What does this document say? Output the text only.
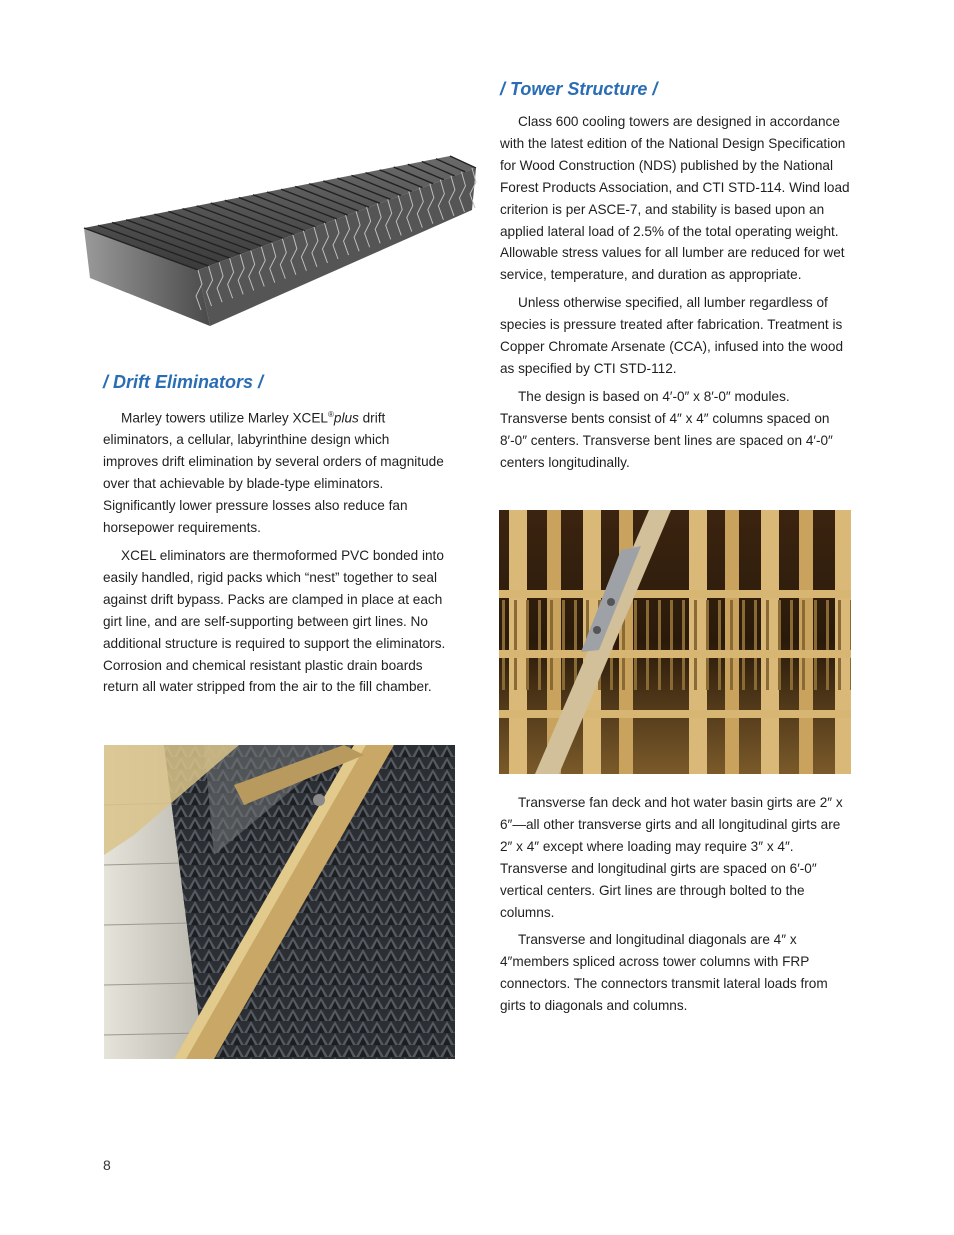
/ Drift Eliminators /

Marley towers utilize Marley XCEL®plus drift eliminators, a cellular, labyrinthine design which improves drift elimination by several orders of magnitude over that achievable by blade-type eliminators. Significantly lower pressure losses also reduce fan horsepower requirements.

XCEL eliminators are thermoformed PVC bonded into easily handled, rigid packs which “nest” together to seal against drift bypass. Packs are clamped in place at each girt line, and are self-supporting between girt lines. No additional structure is required to support the eliminators. Corrosion and chemical resistant plastic drain boards return all water stripped from the air to the fill chamber.

/ Tower Structure /

Class 600 cooling towers are designed in accordance with the latest edition of the National Design Specification for Wood Construction (NDS) published by the National Forest Products Association, and CTI STD-114. Wind load criterion is per ASCE-7, and stability is based upon an applied lateral load of 2.5% of the total operating weight. Allowable stress values for all lumber are reduced for wet service, temperature, and duration as appropriate.

Unless otherwise specified, all lumber regardless of species is pressure treated after fabrication. Treatment is Copper Chromate Arsenate (CCA), infused into the wood as specified by CTI STD-112.

The design is based on 4′-0″ x 8′-0″ modules. Transverse bents consist of 4″ x 4″ columns spaced on 8′-0″ centers. Transverse bent lines are spaced on 4′-0″ centers longitudinally.

Transverse fan deck and hot water basin girts are 2″ x 6″—all other transverse girts and all longitudinal girts are 2″ x 4″ except where loading may require 3″ x 4″. Transverse and longitudinal girts are spaced on 6′-0″ vertical centers. Girt lines are through bolted to the columns.

Transverse and longitudinal diagonals are 4″ x 4″members spliced across tower columns with FRP connectors. The connectors transmit lateral loads from girts to diagonals and columns.

8
